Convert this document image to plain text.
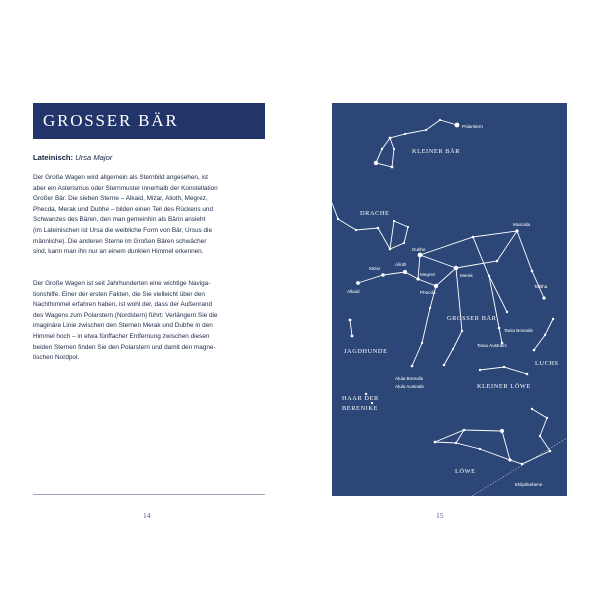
GROSSER BÄR
Lateinisch: Ursa Major
Der Große Wagen wird allgemein als Sternbild angesehen, ist
aber ein Asterismus oder Sternmuster innerhalb der Konstellation
Großer Bär. Die sieben Sterne – Alkaid, Mizar, Alioth, Megrez,
Phecda, Merak und Dubhe – bilden einen Teil des Rückens und
Schwanzes des Bären, den man gemeinhin als Bärin ansieht
(im Lateinischen ist Ursa die weibliche Form von Bär, Ursus die
männliche). Die anderen Sterne im Großen Bären schwächer
sind, kann man ihn nur an einem dunklen Himmel erkennen.
Der Große Wagen ist seit Jahrhunderten eine wichtige Naviga-
tionshilfe. Einer der ersten Fakten, die Sie vielleicht über den
Nachthimmel erfahren haben, ist wohl der, dass der Außenrand
des Wagens zum Polarstern (Nordstern) führt: Verlängern Sie die
imaginäre Linie zwischen den Sternen Merak und Dubhe in den
Himmel hoch – in etwa fünffacher Entfernung zwischen diesen
beiden Sternen finden Sie den Polarstern und damit den magne-
tischen Nordpol.
14
Polarstern
Dubhe
Muscida
Alioth
Mizar
Alkaid
Megrez
Phecda
Merak
Talitha
Tania Borealis
Tania Australis
Alula Borealis
Alula Australis
Ekliptikebene
KLEINER BÄR
DRACHE
GROSSER BÄR
JAGDHUNDE
LUCHS
KLEINER LÖWE
HAAR DER
BERENIKE
LÖWE
15
